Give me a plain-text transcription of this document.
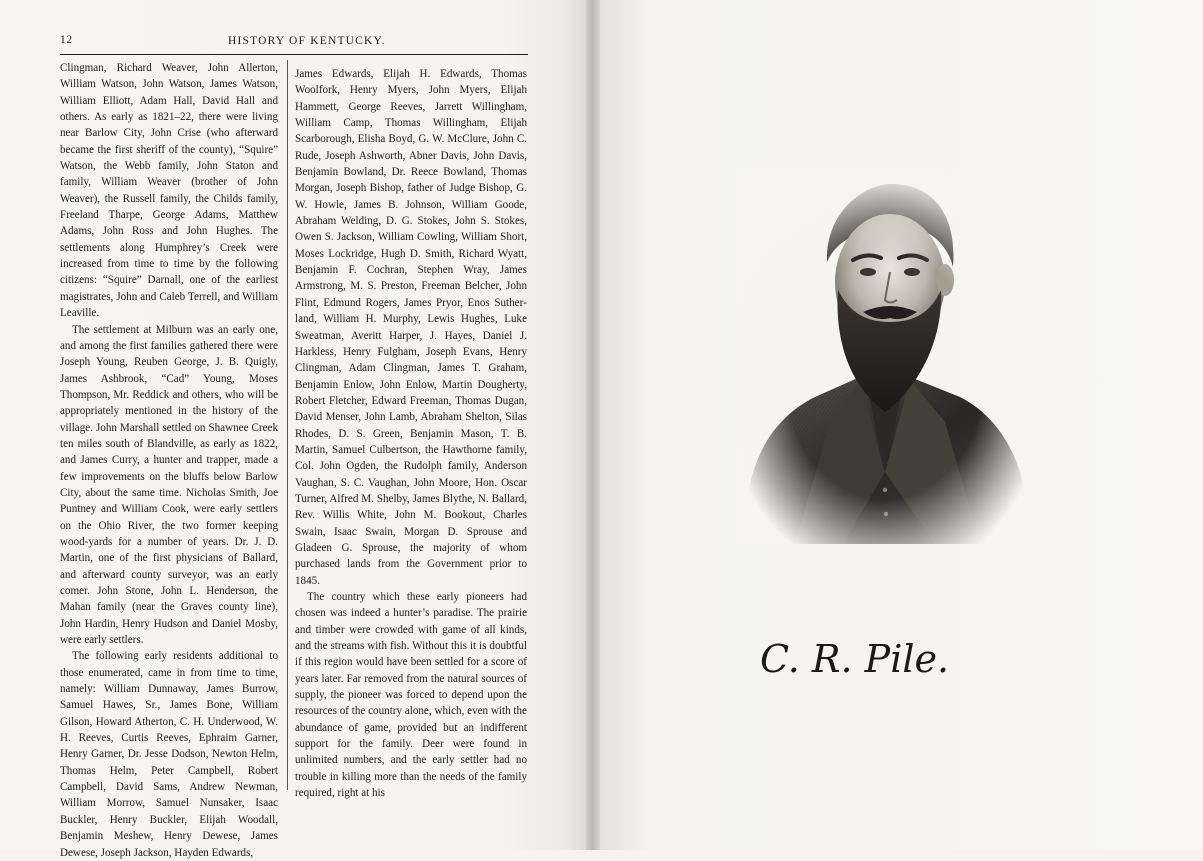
12	HISTORY OF KENTUCKY.

Clingman, Richard Weaver, John Allerton, William Watson, John Watson, James Watson, William Elliott, Adam Hall, David Hall and others. As early as 1821–22, there were living near Barlow City, John Crise (who afterward became the first sheriff of the county), “Squire” Watson, the Webb family, John Staton and family, William Weaver (brother of John Weaver), the Russell family, the Childs family, Freeland Tharpe, George Adams, Matthew Adams, John Ross and John Hughes. The settlements along Humphrey’s Creek were increased from time to time by the following citizens: “Squire” Darnall, one of the earliest magistrates, John and Caleb Terrell, and William Leaville.

The settlement at Milburn was an early one, and among the first families gathered there were Joseph Young, Reuben George, J. B. Quigly, James Ashbrook, “Cad” Young, Moses Thompson, Mr. Reddick and others, who will be appropriately mentioned in the history of the village. John Marshall settled on Shawnee Creek ten miles south of Blandville, as early as 1822, and James Curry, a hunter and trapper, made a few improvements on the bluffs below Barlow City, about the same time. Nicholas Smith, Joe Puntney and William Cook, were early settlers on the Ohio River, the two former keeping wood-yards for a number of years. Dr. J. D. Martin, one of the first physicians of Ballard, and afterward county surveyor, was an early comer. John Stone, John L. Henderson, the Mahan family (near the Graves county line), John Hardin, Henry Hudson and Daniel Mosby, were early settlers.

The following early residents additional to those enumerated, came in from time to time, namely: William Dunnaway, James Burrow, Samuel Hawes, Sr., James Bone, William Gilson, Howard Atherton, C. H. Underwood, W. H. Reeves, Curtis Reeves, Ephraim Garner, Henry Garner, Dr. Jesse Dodson, Newton Helm, Thomas Helm, Peter Campbell, Robert Campbell, David Sams, Andrew Newman, William Morrow, Samuel Nunsaker, Isaac Buckler, Henry Buckler, Elijah Woodall, Benjamin Meshew, Henry Dewese, James Dewese, Joseph Jackson, Hayden Edwards,

James Edwards, Elijah H. Edwards, Thomas Woolfork, Henry Myers, John Myers, Elijah Hammett, George Reeves, Jarrett Willingham, William Camp, Thomas Willingham, Elijah Scarborough, Elisha Boyd, G. W. McClure, John C. Rude, Joseph Ashworth, Abner Davis, John Davis, Benjamin Bowland, Dr. Reece Bowland, Thomas Morgan, Joseph Bishop, father of Judge Bishop, G. W. Howle, James B. Johnson, William Goode, Abraham Welding, D. G. Stokes, John S. Stokes, Owen S. Jackson, William Cowling, William Short, Moses Lockridge, Hugh D. Smith, Richard Wyatt, Benjamin F. Cochran, Stephen Wray, James Armstrong, M. S. Preston, Freeman Belcher, John Flint, Edmund Rogers, James Pryor, Enos Sutherland, William H. Murphy, Lewis Hughes, Luke Sweatman, Averitt Harper, J. Hayes, Daniel J. Harkless, Henry Fulgham, Joseph Evans, Henry Clingman, Adam Clingman, James T. Graham, Benjamin Enlow, John Enlow, Martin Dougherty, Robert Fletcher, Edward Freeman, Thomas Dugan, David Menser, John Lamb, Abraham Shelton, Silas Rhodes, D. S. Green, Benjamin Mason, T. B. Martin, Samuel Culbertson, the Hawthorne family, Col. John Ogden, the Rudolph family, Anderson Vaughan, S. C. Vaughan, John Moore, Hon. Oscar Turner, Alfred M. Shelby, James Blythe, N. Ballard, Rev. Willis White, John M. Bookout, Charles Swain, Isaac Swain, Morgan D. Sprouse and Gladeen G. Sprouse, the majority of whom purchased lands from the Government prior to 1845.

The country which these early pioneers had chosen was indeed a hunter’s paradise. The prairie and timber were crowded with game of all kinds, and the streams with fish. Without this it is doubtful if this region would have been settled for a score of years later. Far removed from the natural sources of supply, the pioneer was forced to depend upon the resources of the country alone, which, even with the abundance of game, provided but an indifferent support for the family. Deer were found in unlimited numbers, and the early settler had no trouble in killing more than the needs of the family required, right at his

C. R. Pile.
